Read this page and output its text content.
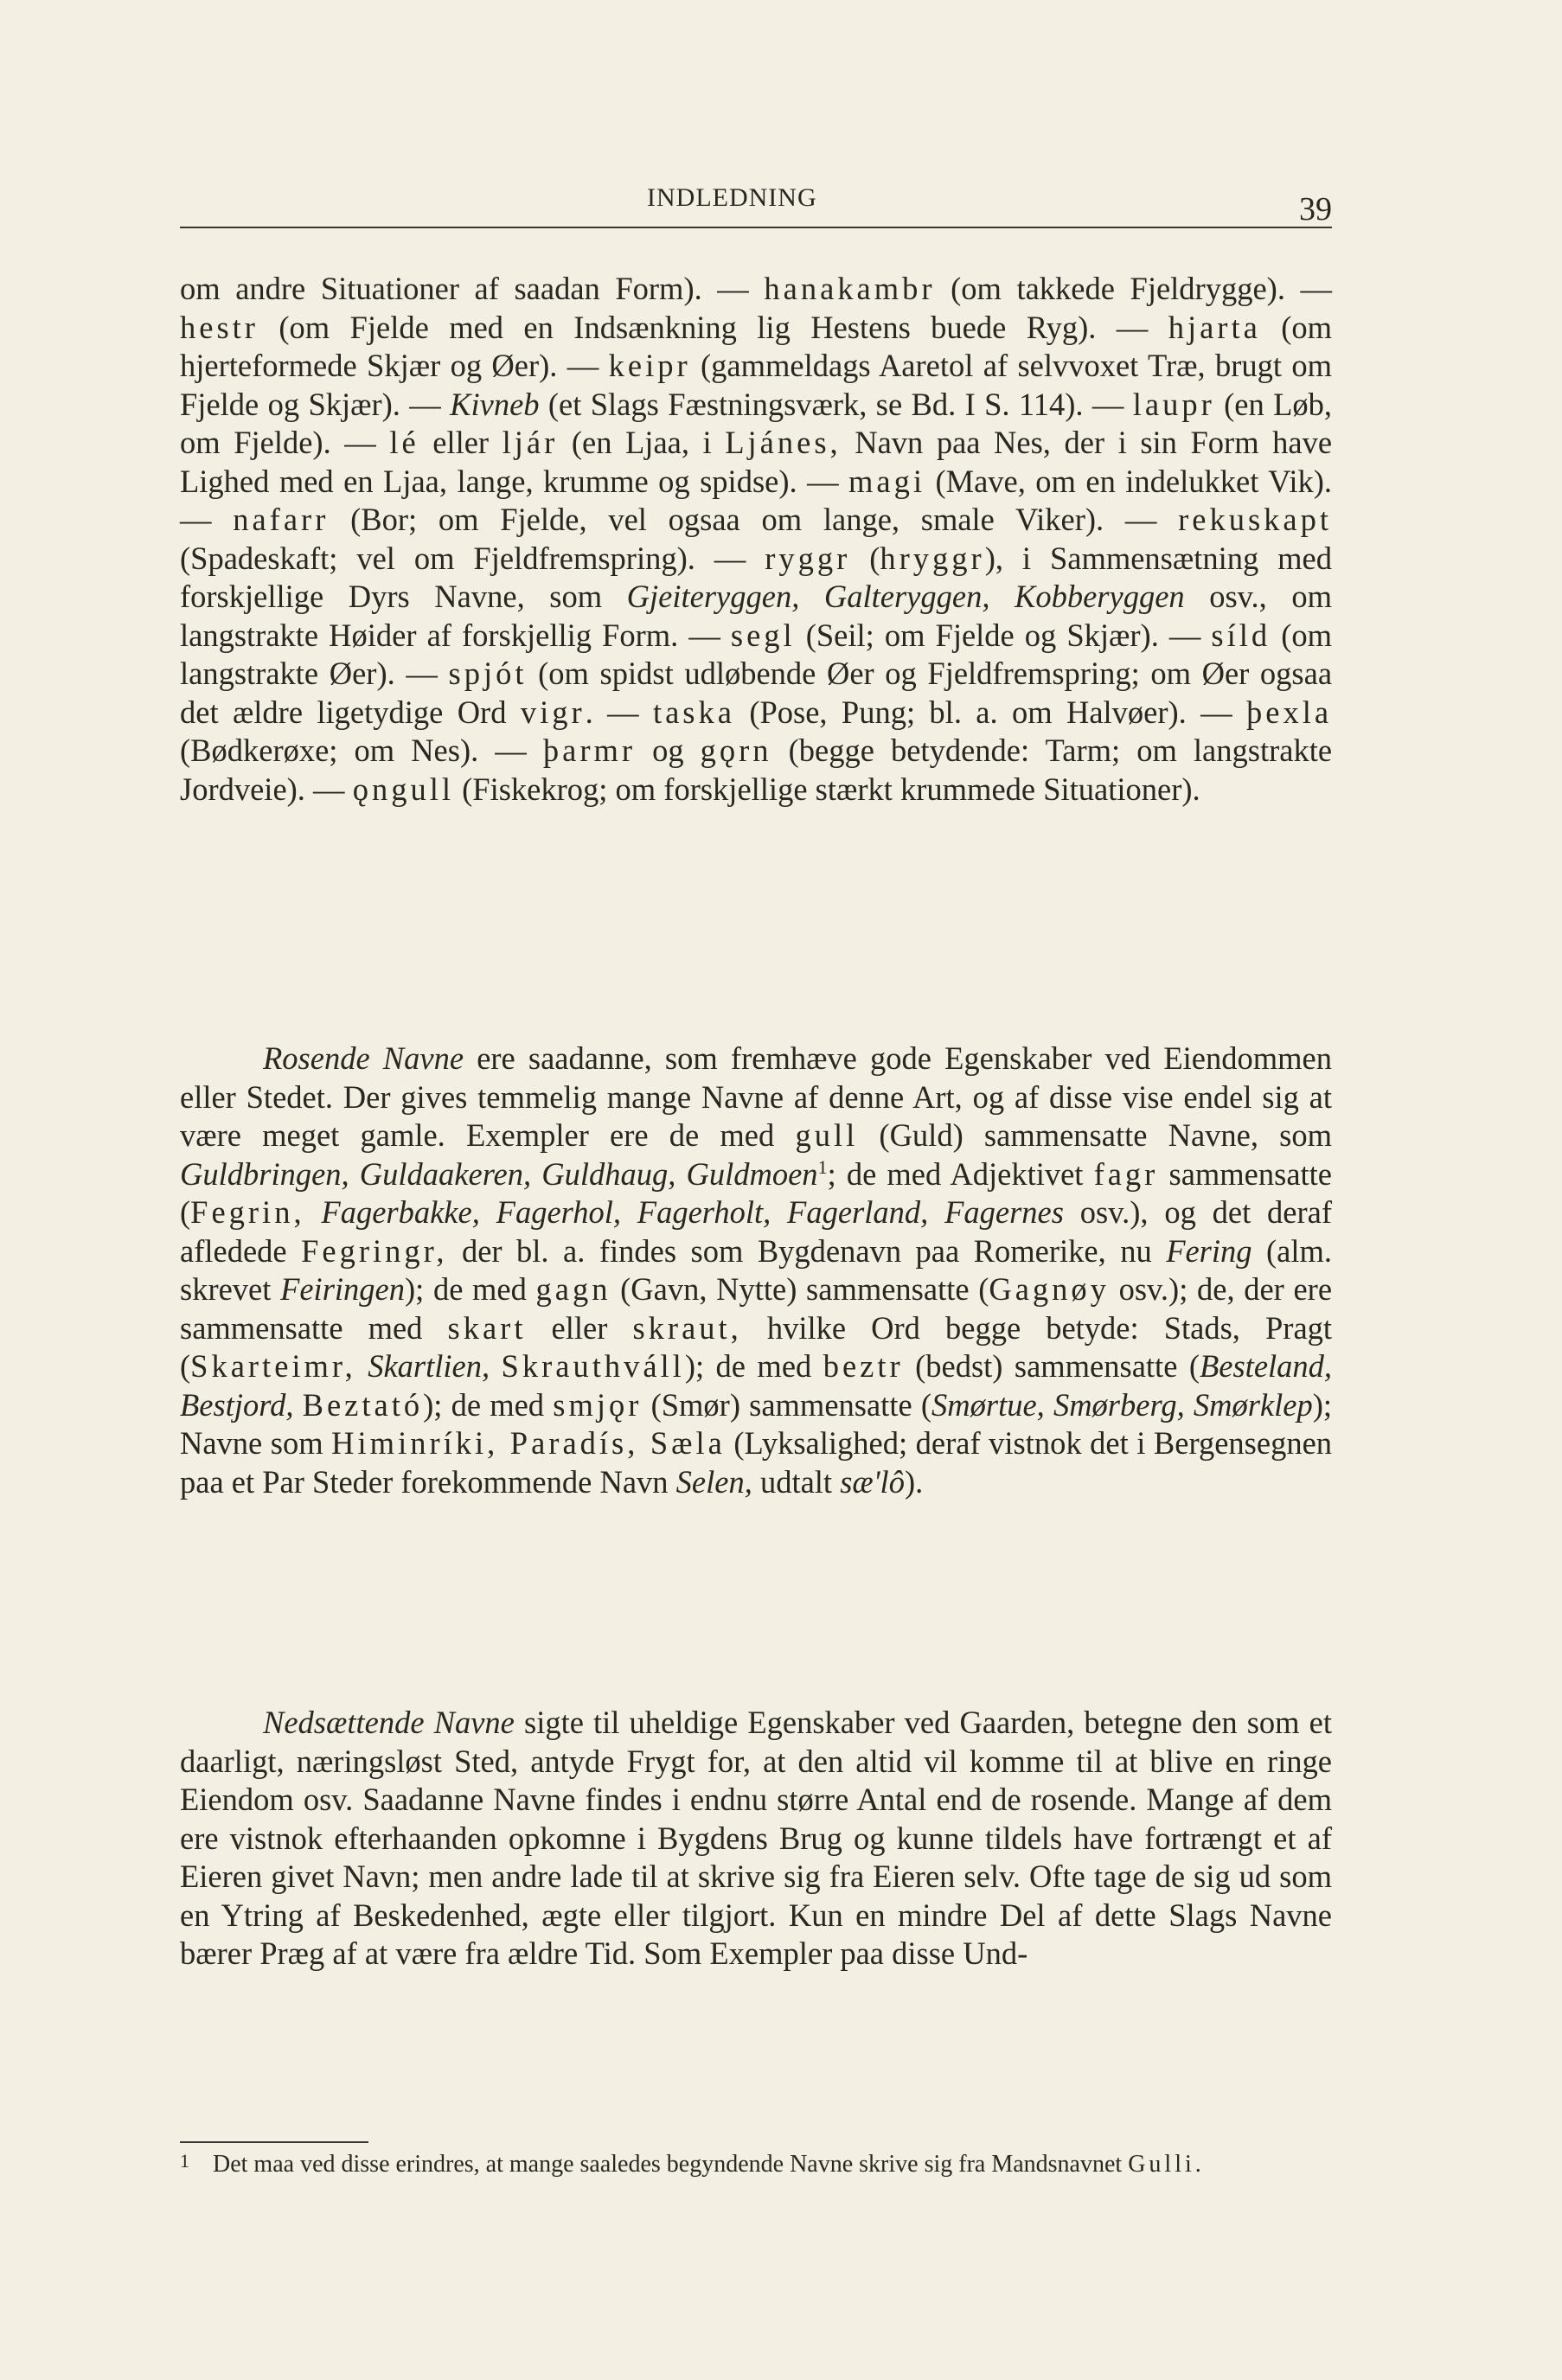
INDLEDNING	39

om andre Situationer af saadan Form). — hanakambr (om takkede Fjeldrygge). — hestr (om Fjelde med en Indsænkning lig Hestens buede Ryg). — hjarta (om hjerteformede Skjær og Øer). — keipr (gammeldags Aaretol af selvvoxet Træ, brugt om Fjelde og Skjær). — Kivneb (et Slags Fæstningsværk, se Bd. I S. 114). — laupr (en Løb, om Fjelde). — lé eller ljár (en Ljaa, i Ljánes, Navn paa Nes, der i sin Form have Lighed med en Ljaa, lange, krumme og spidse). — magi (Mave, om en indelukket Vik). — nafarr (Bor; om Fjelde, vel ogsaa om lange, smale Viker). — rekuskapt (Spadeskaft; vel om Fjeldfremspring). — ryggr (hryggr), i Sammensætning med forskjellige Dyrs Navne, som Gjeiteryggen, Galteryggen, Kobberyggen osv., om langstrakte Høider af forskjellig Form. — segl (Seil; om Fjelde og Skjær). — síld (om langstrakte Øer). — spjót (om spidst udløbende Øer og Fjeldfremspring; om Øer ogsaa det ældre ligetydige Ord vigr. — taska (Pose, Pung; bl. a. om Halvøer). — þexla (Bødkerøxe; om Nes). — þarmr og gǫrn (begge betydende: Tarm; om langstrakte Jordveie). — ǫngull (Fiskekrog; om forskjellige stærkt krummede Situationer).

Rosende Navne ere saadanne, som fremhæve gode Egenskaber ved Eiendommen eller Stedet. Der gives temmelig mange Navne af denne Art, og af disse vise endel sig at være meget gamle. Exempler ere de med gull (Guld) sammensatte Navne, som Guldbringen, Guldaakeren, Guldhaug, Guldmoen$^1$; de med Adjektivet fagr sammensatte (Fegrin, Fagerbakke, Fagerhol, Fagerholt, Fagerland, Fagernes osv.), og det deraf afledede Fegringr, der bl. a. findes som Bygdenavn paa Romerike, nu Fering (alm. skrevet Feiringen); de med gagn (Gavn, Nytte) sammensatte (Gagnøy osv.); de, der ere sammensatte med skart eller skraut, hvilke Ord begge betyde: Stads, Pragt (Skarteimr, Skartlien, Skrauthváll); de med beztr (bedst) sammensatte (Besteland, Bestjord, Beztató); de med smjǫr (Smør) sammensatte (Smørtue, Smørberg, Smørklep); Navne som Himinríki, Paradís, Sæla (Lyksalighed; deraf vistnok det i Bergensegnen paa et Par Steder forekommende Navn Selen, udtalt sæ'lô).

Nedsættende Navne sigte til uheldige Egenskaber ved Gaarden, betegne den som et daarligt, næringsløst Sted, antyde Frygt for, at den altid vil komme til at blive en ringe Eiendom osv. Saadanne Navne findes i endnu større Antal end de rosende. Mange af dem ere vistnok efterhaanden opkomne i Bygdens Brug og kunne tildels have fortrængt et af Eieren givet Navn; men andre lade til at skrive sig fra Eieren selv. Ofte tage de sig ud som en Ytring af Beskedenhed, ægte eller tilgjort. Kun en mindre Del af dette Slags Navne bærer Præg af at være fra ældre Tid. Som Exempler paa disse Und-

1 Det maa ved disse erindres, at mange saaledes begyndende Navne skrive sig fra Mandsnavnet Gulli.
